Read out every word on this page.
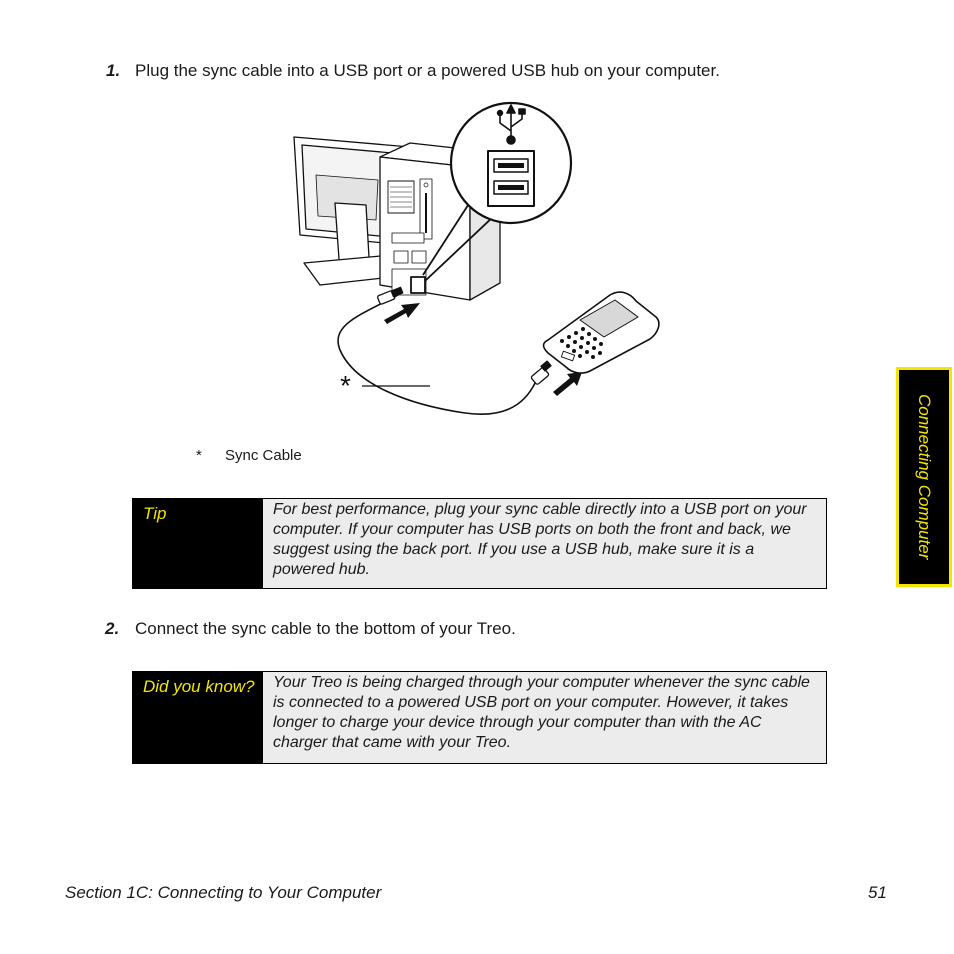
1. Plug the sync cable into a USB port or a powered USB hub on your computer.
*
* Sync Cable
Tip	For best performance, plug your sync cable directly into a USB port on your computer. If your computer has USB ports on both the front and back, we suggest using the back port. If you use a USB hub, make sure it is a powered hub.
2. Connect the sync cable to the bottom of your Treo.
Did you know?	Your Treo is being charged through your computer whenever the sync cable is connected to a powered USB port on your computer. However, it takes longer to charge your device through your computer than with the AC charger that came with your Treo.
Connecting Computer
Section 1C: Connecting to Your Computer	51
